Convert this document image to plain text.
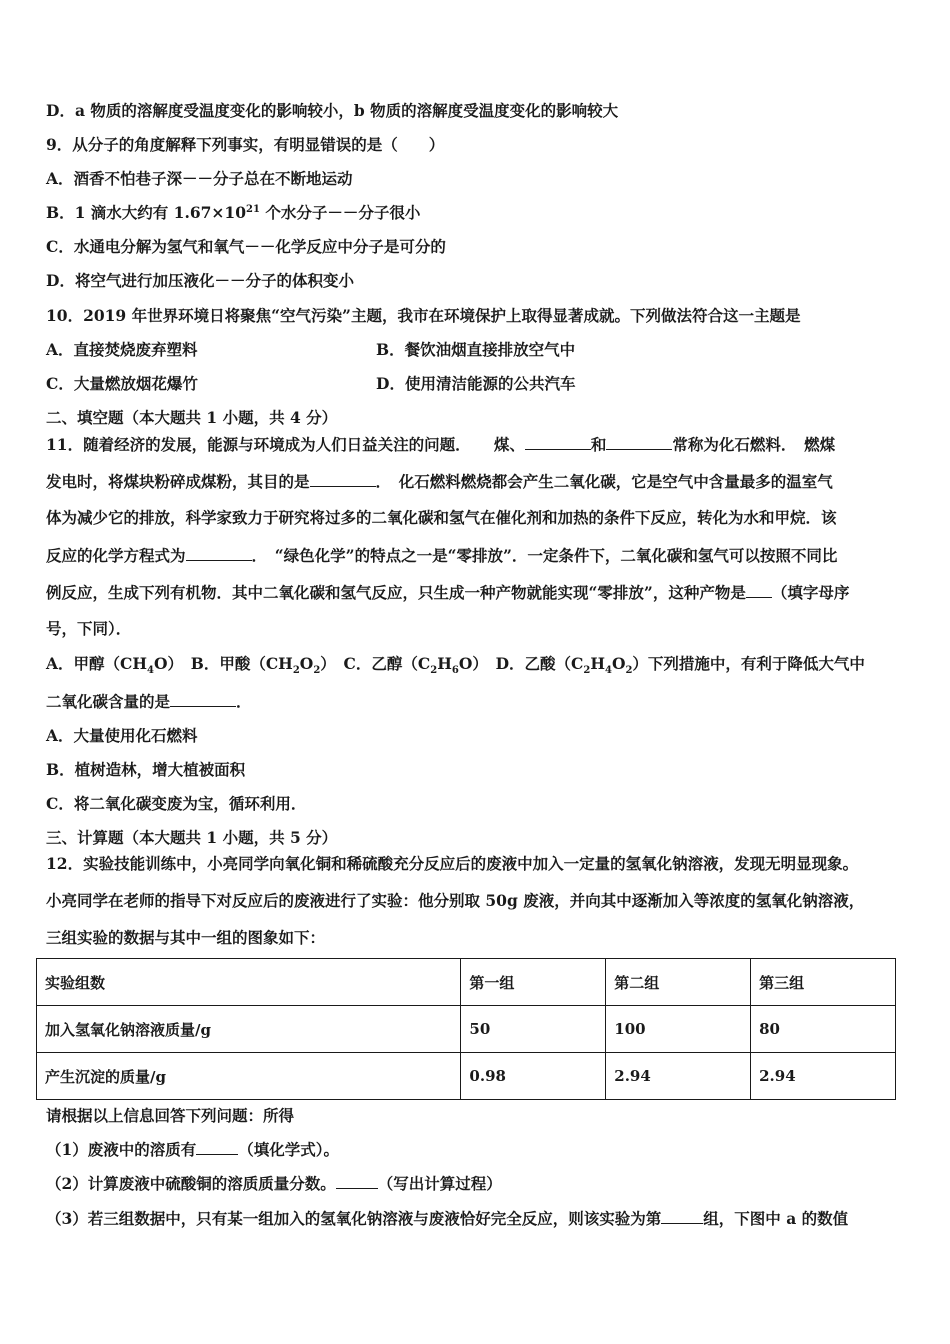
D．a 物质的溶解度受温度变化的影响较小，b 物质的溶解度受温度变化的影响较大
9．从分子的角度解释下列事实，有明显错误的是（　　）
A．酒香不怕巷子深－－分子总在不断地运动
B．1 滴水大约有 $1.67\times 10^{21}$ 个水分子－－分子很小
C．水通电分解为氢气和氧气－－化学反应中分子是可分的
D．将空气进行加压液化－－分子的体积变小
10．2019 年世界环境日将聚焦“空气污染”主题，我市在环境保护上取得显著成就。下列做法符合这一主题是
A．直接焚烧废弃塑料	B．餐饮油烟直接排放空气中
C．大量燃放烟花爆竹	D．使用清洁能源的公共汽车
二、填空题（本大题共 1 小题，共 4 分）
11．随着经济的发展，能源与环境成为人们日益关注的问题．　　煤、	和	常称为化石燃料．　燃煤
发电时，将煤块粉碎成煤粉，其目的是	．　化石燃料燃烧都会产生二氧化碳，它是空气中含量最多的温室气
体为减少它的排放，科学家致力于研究将过多的二氧化碳和氢气在催化剂和加热的条件下反应，转化为水和甲烷．该
反应的化学方程式为	．　“绿色化学”的特点之一是“零排放”．一定条件下，二氧化碳和氢气可以按照不同比
例反应，生成下列有机物．其中二氧化碳和氢气反应，只生成一种产物就能实现“零排放”，这种产物是 （填字母序
号，下同）．
A．甲醇$(CH_4O)$　B．甲酸$(CH_2O_2)$　C．乙醇$(C_2H_6O)$　D．乙酸$(C_2H_4O_2)$下列措施中，有利于降低大气中
二氧化碳含量的是	．
A．大量使用化石燃料
B．植树造林，增大植被面积
C．将二氧化碳变废为宝，循环利用．
三、计算题（本大题共 1 小题，共 5 分）
12．实验技能训练中，小亮同学向氧化铜和稀硫酸充分反应后的废液中加入一定量的氢氧化钠溶液，发现无明显现象。
小亮同学在老师的指导下对反应后的废液进行了实验：他分别取 50g 废液，并向其中逐渐加入等浓度的氢氧化钠溶液，
三组实验的数据与其中一组的图象如下：
实验组数	第一组	第二组	第三组
加入氢氧化钠溶液质量/g	50	100	80
产生沉淀的质量/g	0.98	2.94	2.94
请根据以上信息回答下列问题：所得
（1）废液中的溶质有	（填化学式）。
（2）计算废液中硫酸铜的溶质质量分数。	（写出计算过程）
（3）若三组数据中，只有某一组加入的氢氧化钠溶液与废液恰好完全反应，则该实验为第	组，下图中 a 的数值
